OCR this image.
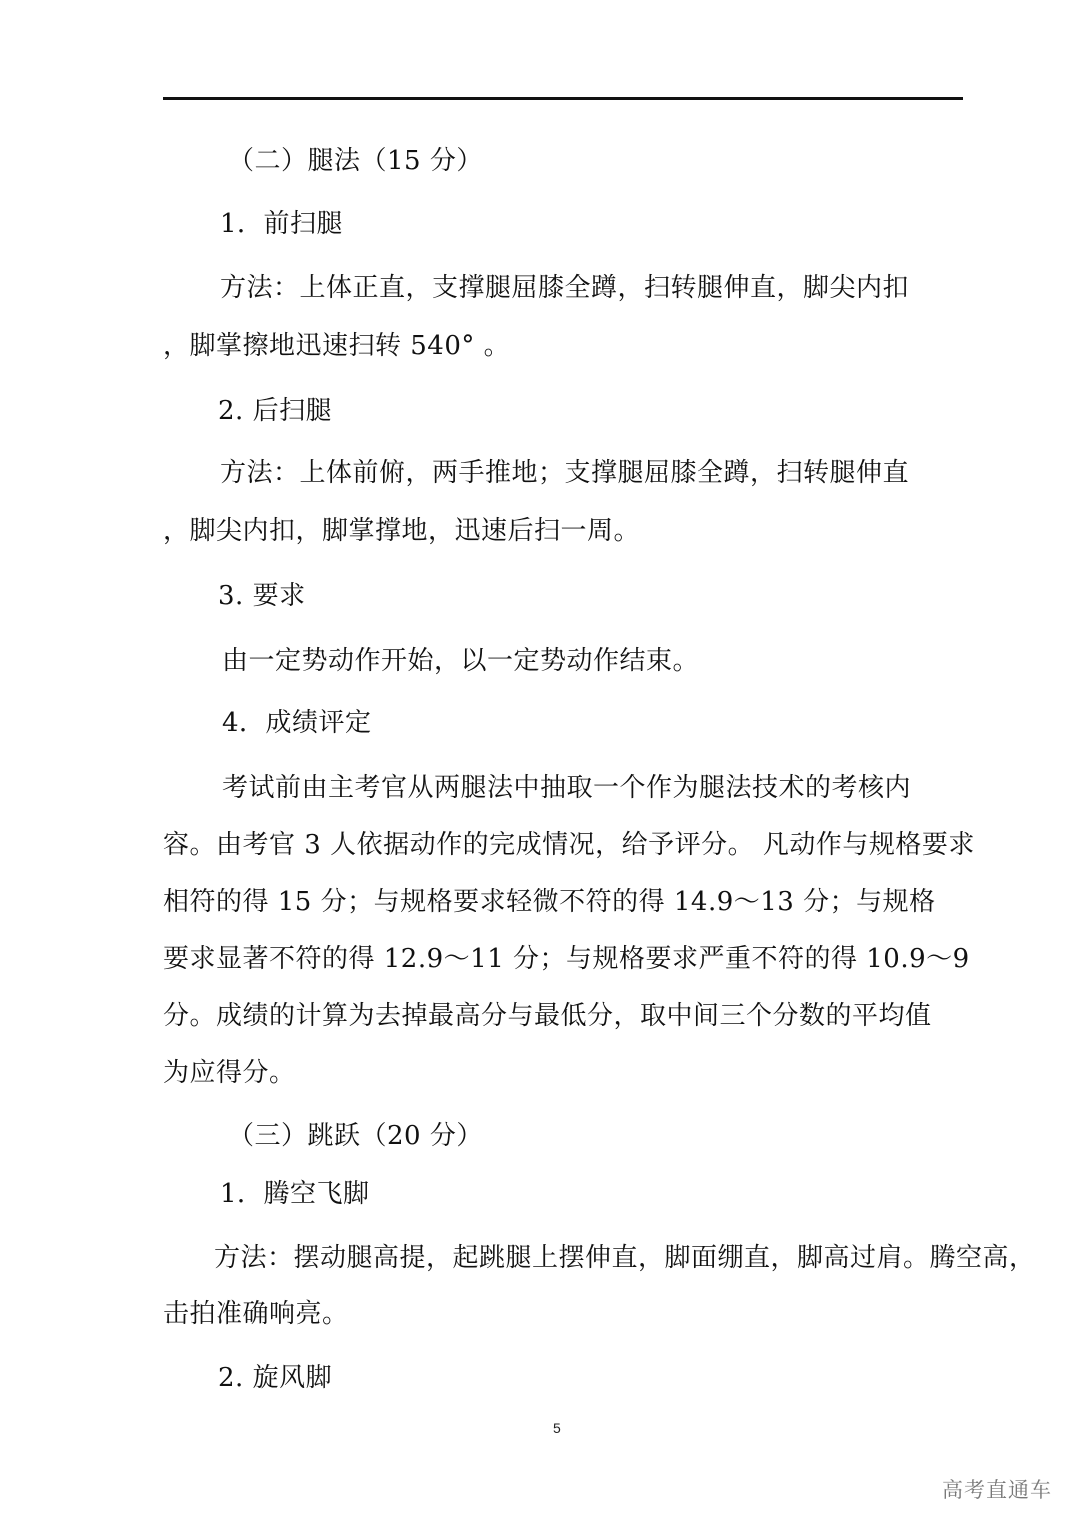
（二）腿法（15 分）
1．前扫腿
方法：上体正直，支撑腿屈膝全蹲，扫转腿伸直，脚尖内扣
，脚掌擦地迅速扫转 540° 。
2. 后扫腿
方法：上体前俯，两手推地；支撑腿屈膝全蹲，扫转腿伸直
，脚尖内扣，脚掌撑地，迅速后扫一周。
3. 要求
由一定势动作开始，以一定势动作结束。
4．成绩评定
考试前由主考官从两腿法中抽取一个作为腿法技术的考核内
容。由考官 3 人依据动作的完成情况，给予评分。 凡动作与规格要求
相符的得 15 分；与规格要求轻微不符的得 14.9～13 分；与规格
要求显著不符的得 12.9～11 分；与规格要求严重不符的得 10.9～9
分。成绩的计算为去掉最高分与最低分，取中间三个分数的平均值
为应得分。
（三）跳跃（20 分）
1．腾空飞脚
方法：摆动腿高提，起跳腿上摆伸直，脚面绷直，脚高过肩。腾空高，
击拍准确响亮。
2. 旋风脚
5
高考直通车
